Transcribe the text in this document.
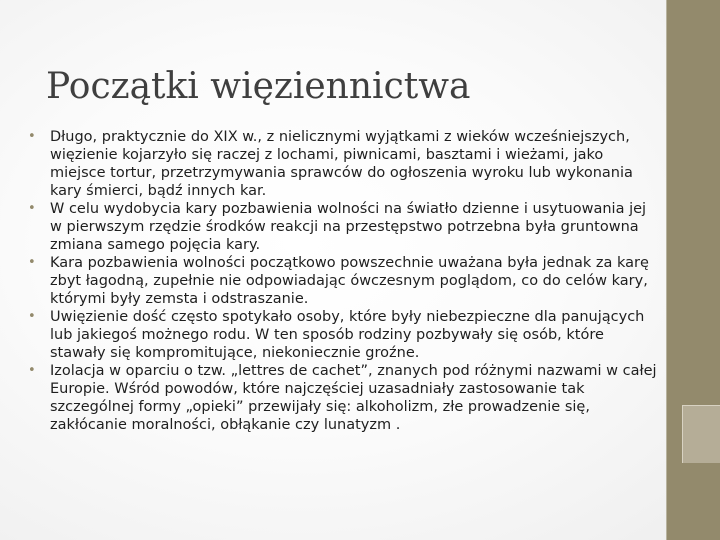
Początki więziennictwa
• Długo, praktycznie do XIX w., z nielicznymi wyjątkami z wieków wcześniejszych, więzienie kojarzyło się raczej z lochami, piwnicami, basztami i wieżami, jako miejsce tortur, przetrzymywania sprawców do ogłoszenia wyroku lub wykonania kary śmierci, bądź innych kar.
• W celu wydobycia kary pozbawienia wolności na światło dzienne i usytuowania jej w pierwszym rzędzie środków reakcji na przestępstwo potrzebna była gruntowna zmiana samego pojęcia kary.
• Kara pozbawienia wolności początkowo powszechnie uważana była jednak za karę zbyt łagodną, zupełnie nie odpowiadając ówczesnym poglądom, co do celów kary, którymi były zemsta i odstraszanie.
• Uwięzienie dość często spotykało osoby, które były niebezpieczne dla panujących lub jakiegoś możnego rodu. W ten sposób rodziny pozbywały się osób, które stawały się kompromitujące, niekoniecznie groźne.
• Izolacja w oparciu o tzw. „lettres de cachet”, znanych pod różnymi nazwami w całej Europie. Wśród powodów, które najczęściej uzasadniały zastosowanie tak szczególnej formy „opieki” przewijały się: alkoholizm, złe prowadzenie się, zakłócanie moralności, obłąkanie czy lunatyzm .
